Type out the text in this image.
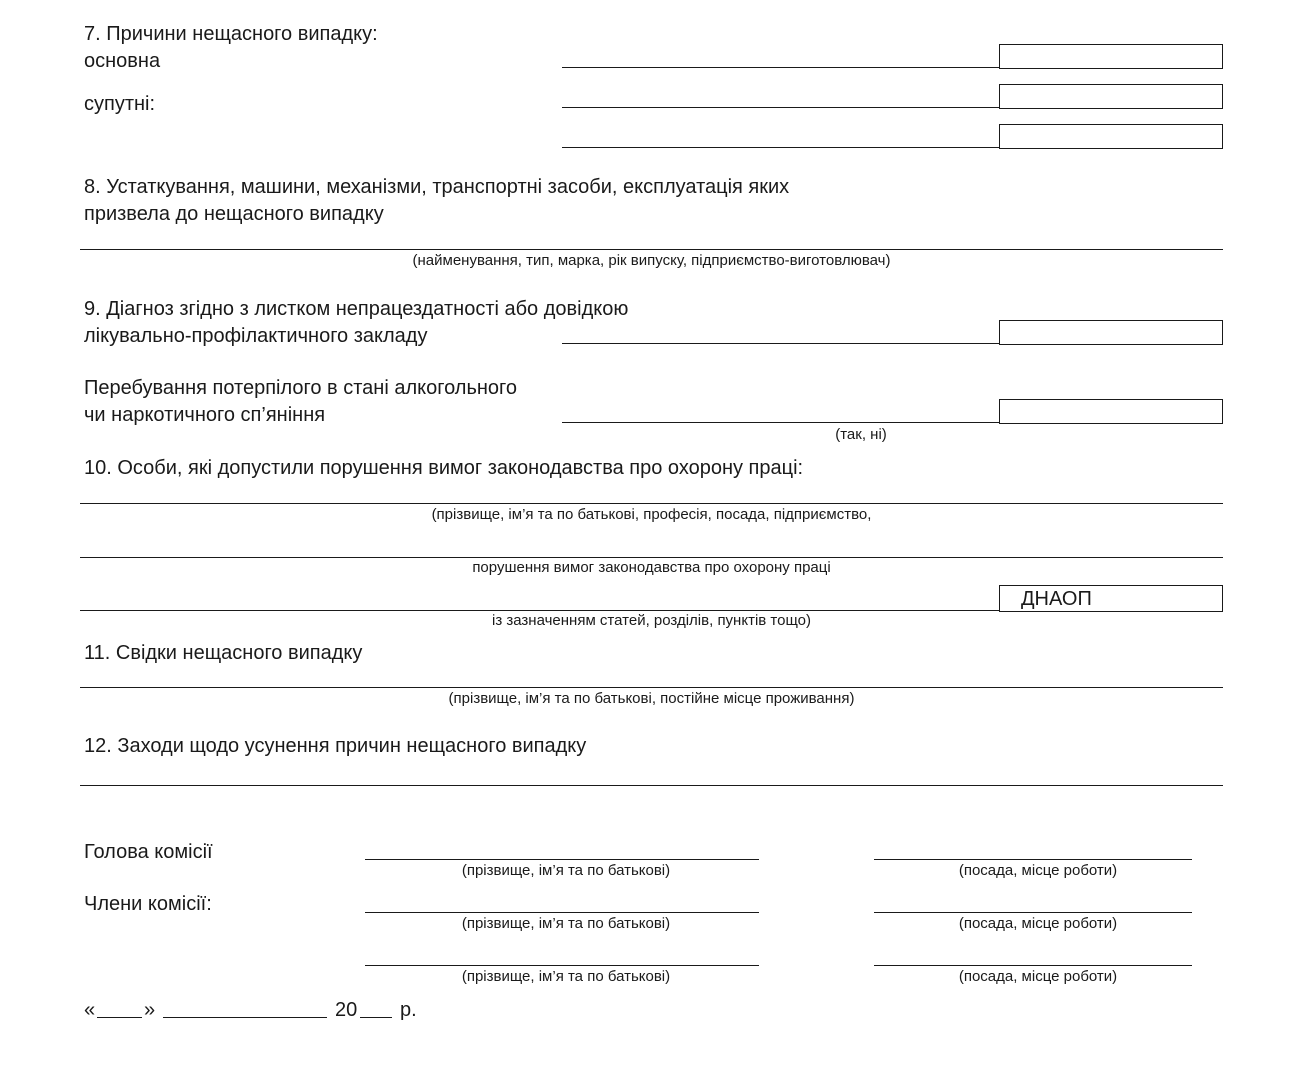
7. Причини нещасного випадку:
основна
супутні:
8. Устаткування, машини, механізми, транспортні засоби, експлуатація яких
призвела до нещасного випадку
(найменування, тип, марка, рік випуску, підприємство-виготовлювач)
9. Діагноз згідно з листком непрацездатності або довідкою
лікувально-профілактичного закладу
Перебування потерпілого в стані алкогольного
чи наркотичного сп’яніння
(так, ні)
10. Особи, які допустили порушення вимог законодавства про охорону праці:
(прізвище, ім’я та по батькові, професія, посада, підприємство,
порушення вимог законодавства про охорону праці
ДНАОП
із зазначенням статей, розділів, пунктів тощо)
11. Свідки нещасного випадку
(прізвище, ім’я та по батькові, постійне місце проживання)
12. Заходи щодо усунення причин нещасного випадку
Голова комісії
(прізвище, ім’я та по батькові)	(посада, місце роботи)
Члени комісії:
(прізвище, ім’я та по батькові)	(посада, місце роботи)
(прізвище, ім’я та по батькові)	(посада, місце роботи)
« »	20 р.
